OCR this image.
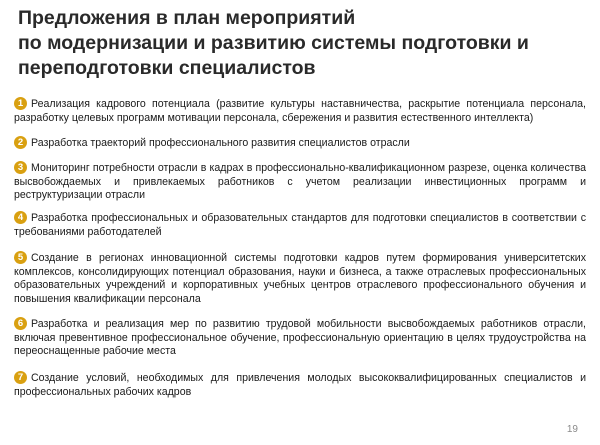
Предложения в план мероприятий
по модернизации и развитию системы подготовки и
переподготовки специалистов
1 Реализация кадрового потенциала (развитие культуры наставничества, раскрытие потенциала персонала, разработку целевых программ мотивации персонала, сбережения и развития естественного интеллекта)
2 Разработка траекторий профессионального развития специалистов отрасли
3 Мониторинг потребности отрасли в кадрах в профессионально-квалификационном разрезе, оценка количества высвобождаемых и привлекаемых работников с учетом реализации инвестиционных программ и реструктуризации отрасли
4 Разработка профессиональных и образовательных стандартов для подготовки специалистов в соответствии с требованиями работодателей
5 Создание в регионах инновационной системы подготовки кадров путем формирования университетских комплексов, консолидирующих потенциал образования, науки и бизнеса, а также отраслевых профессиональных образовательных учреждений и корпоративных учебных центров отраслевого профессионального обучения и повышения квалификации персонала
6 Разработка и реализация мер по развитию трудовой мобильности высвобождаемых работников отрасли, включая превентивное профессиональное обучение, профессиональную ориентацию в целях трудоустройства на переоснащенные рабочие места
7 Создание условий, необходимых для привлечения молодых высококвалифицированных специалистов и профессиональных рабочих кадров
19
